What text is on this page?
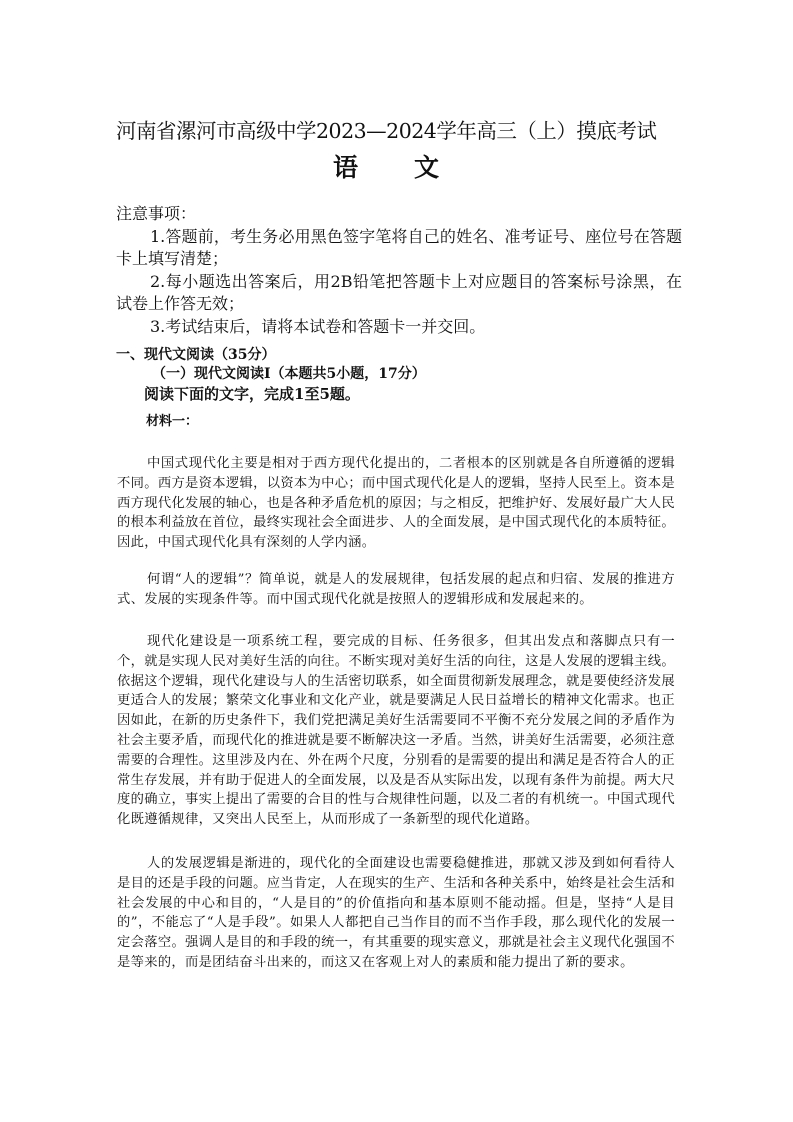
河南省漯河市高级中学2023—2024学年高三（上）摸底考试
语 文

注意事项：

1.答题前，考生务必用黑色签字笔将自己的姓名、准考证号、座位号在答题卡上填写清楚；

2.每小题选出答案后，用2B铅笔把答题卡上对应题目的答案标号涂黑，在试卷上作答无效；

3.考试结束后，请将本试卷和答题卡一并交回。

一、现代文阅读（35分）

（一）现代文阅读Ⅰ（本题共5小题，17分）

阅读下面的文字，完成1至5题。

材料一：

中国式现代化主要是相对于西方现代化提出的，二者根本的区别就是各自所遵循的逻辑不同。西方是资本逻辑，以资本为中心；而中国式现代化是人的逻辑，坚持人民至上。资本是西方现代化发展的轴心，也是各种矛盾危机的原因；与之相反，把维护好、发展好最广大人民的根本利益放在首位，最终实现社会全面进步、人的全面发展，是中国式现代化的本质特征。因此，中国式现代化具有深刻的人学内涵。

何谓“人的逻辑”？简单说，就是人的发展规律，包括发展的起点和归宿、发展的推进方式、发展的实现条件等。而中国式现代化就是按照人的逻辑形成和发展起来的。

现代化建设是一项系统工程，要完成的目标、任务很多，但其出发点和落脚点只有一个，就是实现人民对美好生活的向往。不断实现对美好生活的向往，这是人发展的逻辑主线。依据这个逻辑，现代化建设与人的生活密切联系，如全面贯彻新发展理念，就是要使经济发展更适合人的发展；繁荣文化事业和文化产业，就是要满足人民日益增长的精神文化需求。也正因如此，在新的历史条件下，我们党把满足美好生活需要同不平衡不充分发展之间的矛盾作为社会主要矛盾，而现代化的推进就是要不断解决这一矛盾。当然，讲美好生活需要，必须注意需要的合理性。这里涉及内在、外在两个尺度，分别看的是需要的提出和满足是否符合人的正常生存发展，并有助于促进人的全面发展，以及是否从实际出发，以现有条件为前提。两大尺度的确立，事实上提出了需要的合目的性与合规律性问题，以及二者的有机统一。中国式现代化既遵循规律，又突出人民至上，从而形成了一条新型的现代化道路。

人的发展逻辑是渐进的，现代化的全面建设也需要稳健推进，那就又涉及到如何看待人是目的还是手段的问题。应当肯定，人在现实的生产、生活和各种关系中，始终是社会生活和社会发展的中心和目的，“人是目的”的价值指向和基本原则不能动摇。但是，坚持“人是目的”，不能忘了“人是手段”。如果人人都把自己当作目的而不当作手段，那么现代化的发展一定会落空。强调人是目的和手段的统一，有其重要的现实意义，那就是社会主义现代化强国不是等来的，而是团结奋斗出来的，而这又在客观上对人的素质和能力提出了新的要求。
